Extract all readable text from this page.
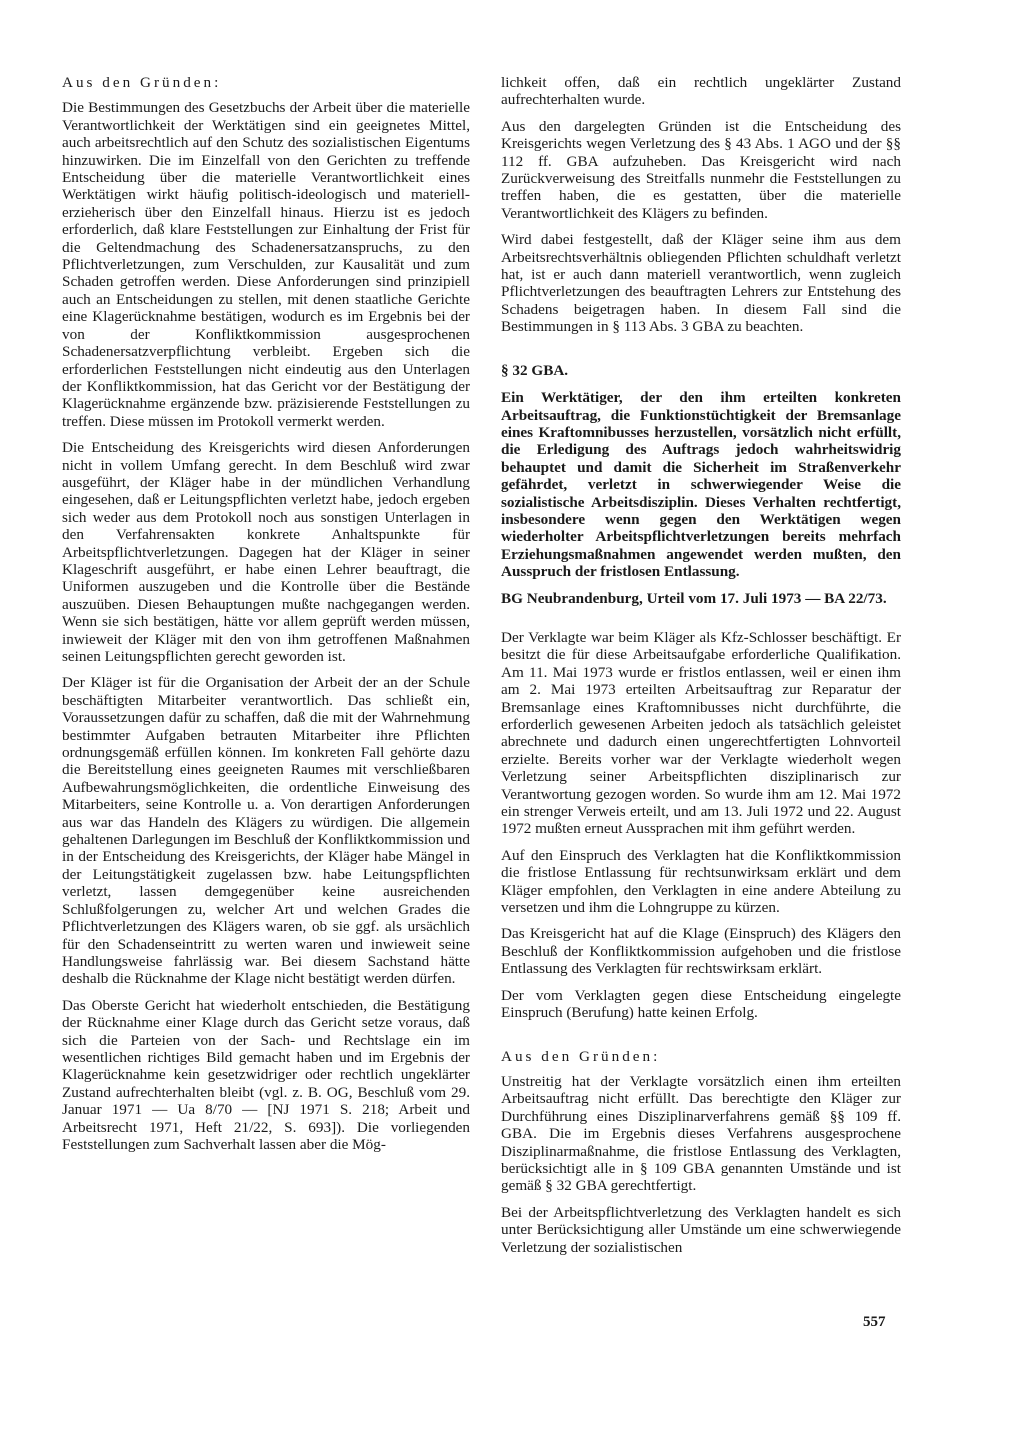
Aus den Gründen:

Die Bestimmungen des Gesetzbuchs der Arbeit über die materielle Verantwortlichkeit der Werktätigen sind ein geeignetes Mittel, auch arbeitsrechtlich auf den Schutz des sozialistischen Eigentums hinzuwirken. Die im Einzelfall von den Gerichten zu treffende Entscheidung über die materielle Verantwortlichkeit eines Werktätigen wirkt häufig politisch-ideologisch und materiell-erzieherisch über den Einzelfall hinaus. Hierzu ist es jedoch erforderlich, daß klare Feststellungen zur Einhaltung der Frist für die Geltendmachung des Schadenersatzanspruchs, zu den Pflichtverletzungen, zum Verschulden, zur Kausalität und zum Schaden getroffen werden. Diese Anforderungen sind prinzipiell auch an Entscheidungen zu stellen, mit denen staatliche Gerichte eine Klagerücknahme bestätigen, wodurch es im Ergebnis bei der von der Konfliktkommission ausgesprochenen Schadenersatzverpflichtung verbleibt. Ergeben sich die erforderlichen Feststellungen nicht eindeutig aus den Unterlagen der Konfliktkommission, hat das Gericht vor der Bestätigung der Klagerücknahme ergänzende bzw. präzisierende Feststellungen zu treffen. Diese müssen im Protokoll vermerkt werden.

Die Entscheidung des Kreisgerichts wird diesen Anforderungen nicht in vollem Umfang gerecht. In dem Beschluß wird zwar ausgeführt, der Kläger habe in der mündlichen Verhandlung eingesehen, daß er Leitungspflichten verletzt habe, jedoch ergeben sich weder aus dem Protokoll noch aus sonstigen Unterlagen in den Verfahrensakten konkrete Anhaltspunkte für Arbeitspflichtverletzungen. Dagegen hat der Kläger in seiner Klageschrift ausgeführt, er habe einen Lehrer beauftragt, die Uniformen auszugeben und die Kontrolle über die Bestände auszuüben. Diesen Behauptungen mußte nachgegangen werden. Wenn sie sich bestätigen, hätte vor allem geprüft werden müssen, inwieweit der Kläger mit den von ihm getroffenen Maßnahmen seinen Leitungspflichten gerecht geworden ist.

Der Kläger ist für die Organisation der Arbeit der an der Schule beschäftigten Mitarbeiter verantwortlich. Das schließt ein, Voraussetzungen dafür zu schaffen, daß die mit der Wahrnehmung bestimmter Aufgaben betrauten Mitarbeiter ihre Pflichten ordnungsgemäß erfüllen können. Im konkreten Fall gehörte dazu die Bereitstellung eines geeigneten Raumes mit verschließbaren Aufbewahrungsmöglichkeiten, die ordentliche Einweisung des Mitarbeiters, seine Kontrolle u. a. Von derartigen Anforderungen aus war das Handeln des Klägers zu würdigen. Die allgemein gehaltenen Darlegungen im Beschluß der Konfliktkommission und in der Entscheidung des Kreisgerichts, der Kläger habe Mängel in der Leitungstätigkeit zugelassen bzw. habe Leitungspflichten verletzt, lassen demgegenüber keine ausreichenden Schlußfolgerungen zu, welcher Art und welchen Grades die Pflichtverletzungen des Klägers waren, ob sie ggf. als ursächlich für den Schadenseintritt zu werten waren und inwieweit seine Handlungsweise fahrlässig war. Bei diesem Sachstand hätte deshalb die Rücknahme der Klage nicht bestätigt werden dürfen.

Das Oberste Gericht hat wiederholt entschieden, die Bestätigung der Rücknahme einer Klage durch das Gericht setze voraus, daß sich die Parteien von der Sach- und Rechtslage ein im wesentlichen richtiges Bild gemacht haben und im Ergebnis der Klagerücknahme kein gesetzwidriger oder rechtlich ungeklärter Zustand aufrechterhalten bleibt (vgl. z. B. OG, Beschluß vom 29. Januar 1971 — Ua 8/70 — [NJ 1971 S. 218; Arbeit und Arbeitsrecht 1971, Heft 21/22, S. 693]). Die vorliegenden Feststellungen zum Sachverhalt lassen aber die Mög-

lichkeit offen, daß ein rechtlich ungeklärter Zustand aufrechterhalten wurde.

Aus den dargelegten Gründen ist die Entscheidung des Kreisgerichts wegen Verletzung des § 43 Abs. 1 AGO und der §§ 112 ff. GBA aufzuheben. Das Kreisgericht wird nach Zurückverweisung des Streitfalls nunmehr die Feststellungen zu treffen haben, die es gestatten, über die materielle Verantwortlichkeit des Klägers zu befinden.

Wird dabei festgestellt, daß der Kläger seine ihm aus dem Arbeitsrechtsverhältnis obliegenden Pflichten schuldhaft verletzt hat, ist er auch dann materiell verantwortlich, wenn zugleich Pflichtverletzungen des beauftragten Lehrers zur Entstehung des Schadens beigetragen haben. In diesem Fall sind die Bestimmungen in § 113 Abs. 3 GBA zu beachten.

§ 32 GBA.

Ein Werktätiger, der den ihm erteilten konkreten Arbeitsauftrag, die Funktionstüchtigkeit der Bremsanlage eines Kraftomnibusses herzustellen, vorsätzlich nicht erfüllt, die Erledigung des Auftrags jedoch wahrheitswidrig behauptet und damit die Sicherheit im Straßenverkehr gefährdet, verletzt in schwerwiegender Weise die sozialistische Arbeitsdisziplin. Dieses Verhalten rechtfertigt, insbesondere wenn gegen den Werktätigen wegen wiederholter Arbeitspflichtverletzungen bereits mehrfach Erziehungsmaßnahmen angewendet werden mußten, den Ausspruch der fristlosen Entlassung.

BG Neubrandenburg, Urteil vom 17. Juli 1973 — BA 22/73.

Der Verklagte war beim Kläger als Kfz-Schlosser beschäftigt. Er besitzt die für diese Arbeitsaufgabe erforderliche Qualifikation. Am 11. Mai 1973 wurde er fristlos entlassen, weil er einen ihm am 2. Mai 1973 erteilten Arbeitsauftrag zur Reparatur der Bremsanlage eines Kraftomnibusses nicht durchführte, die erforderlich gewesenen Arbeiten jedoch als tatsächlich geleistet abrechnete und dadurch einen ungerechtfertigten Lohnvorteil erzielte. Bereits vorher war der Verklagte wiederholt wegen Verletzung seiner Arbeitspflichten disziplinarisch zur Verantwortung gezogen worden. So wurde ihm am 12. Mai 1972 ein strenger Verweis erteilt, und am 13. Juli 1972 und 22. August 1972 mußten erneut Aussprachen mit ihm geführt werden.

Auf den Einspruch des Verklagten hat die Konfliktkommission die fristlose Entlassung für rechtsunwirksam erklärt und dem Kläger empfohlen, den Verklagten in eine andere Abteilung zu versetzen und ihm die Lohngruppe zu kürzen.

Das Kreisgericht hat auf die Klage (Einspruch) des Klägers den Beschluß der Konfliktkommission aufgehoben und die fristlose Entlassung des Verklagten für rechtswirksam erklärt.

Der vom Verklagten gegen diese Entscheidung eingelegte Einspruch (Berufung) hatte keinen Erfolg.

Aus den Gründen:

Unstreitig hat der Verklagte vorsätzlich einen ihm erteilten Arbeitsauftrag nicht erfüllt. Das berechtigte den Kläger zur Durchführung eines Disziplinarverfahrens gemäß §§ 109 ff. GBA. Die im Ergebnis dieses Verfahrens ausgesprochene Disziplinarmaßnahme, die fristlose Entlassung des Verklagten, berücksichtigt alle in § 109 GBA genannten Umstände und ist gemäß § 32 GBA gerechtfertigt.

Bei der Arbeitspflichtverletzung des Verklagten handelt es sich unter Berücksichtigung aller Umstände um eine schwerwiegende Verletzung der sozialistischen

557
